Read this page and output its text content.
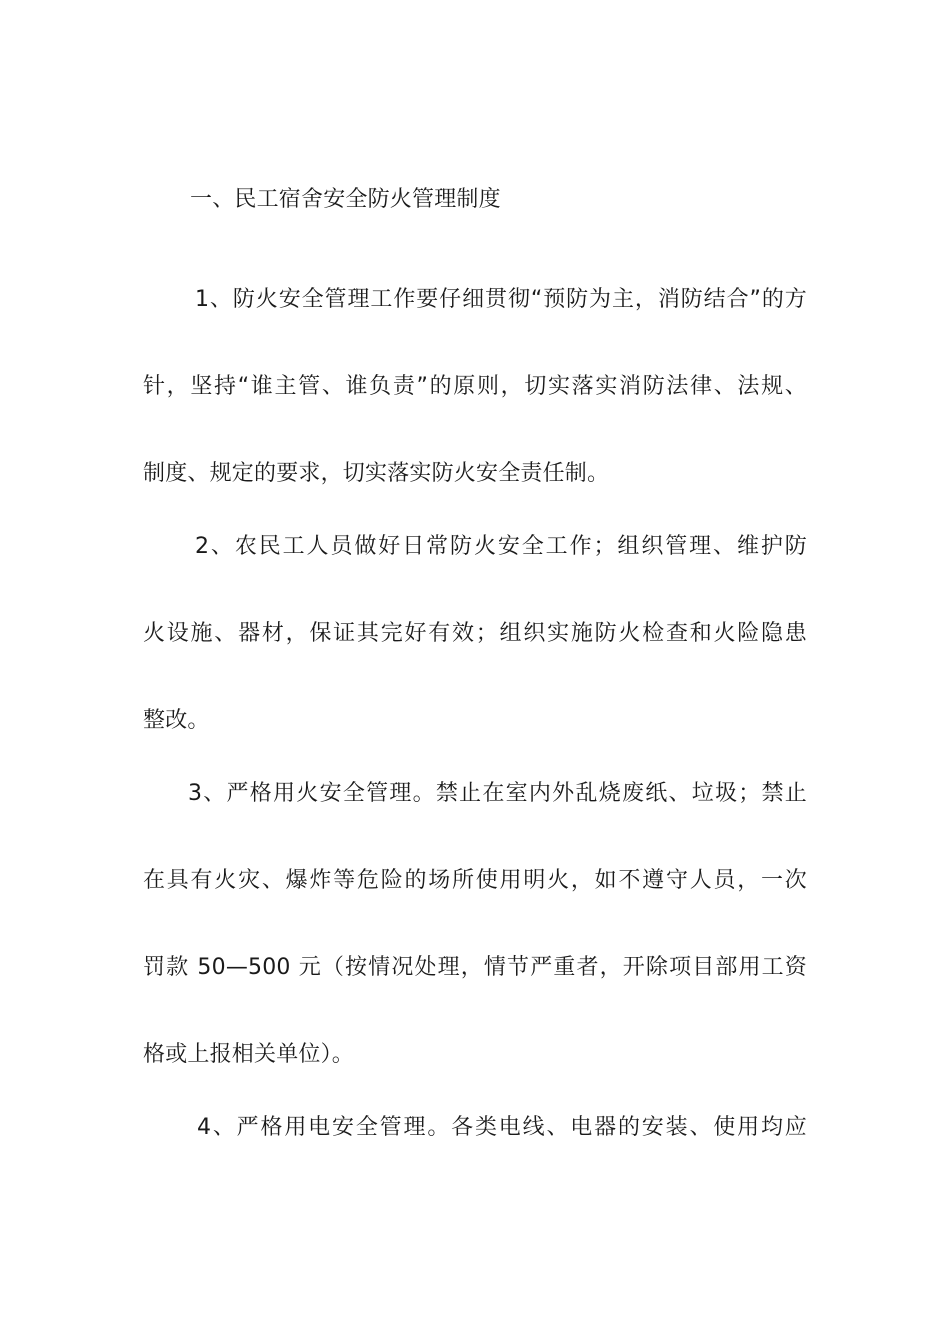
一、民工宿舍安全防火管理制度
1、防火安全管理工作要仔细贯彻“预防为主，消防结合”的方
针，坚持“谁主管、谁负责”的原则，切实落实消防法律、法规、
制度、规定的要求，切实落实防火安全责任制。
2、农民工人员做好日常防火安全工作；组织管理、维护防
火设施、器材，保证其完好有效；组织实施防火检查和火险隐患
整改。
3、严格用火安全管理。禁止在室内外乱烧废纸、垃圾；禁止
在具有火灾、爆炸等危险的场所使用明火，如不遵守人员，一次
罚款 50—500 元（按情况处理，情节严重者，开除项目部用工资
格或上报相关单位）。
4、严格用电安全管理。各类电线、电器的安装、使用均应
